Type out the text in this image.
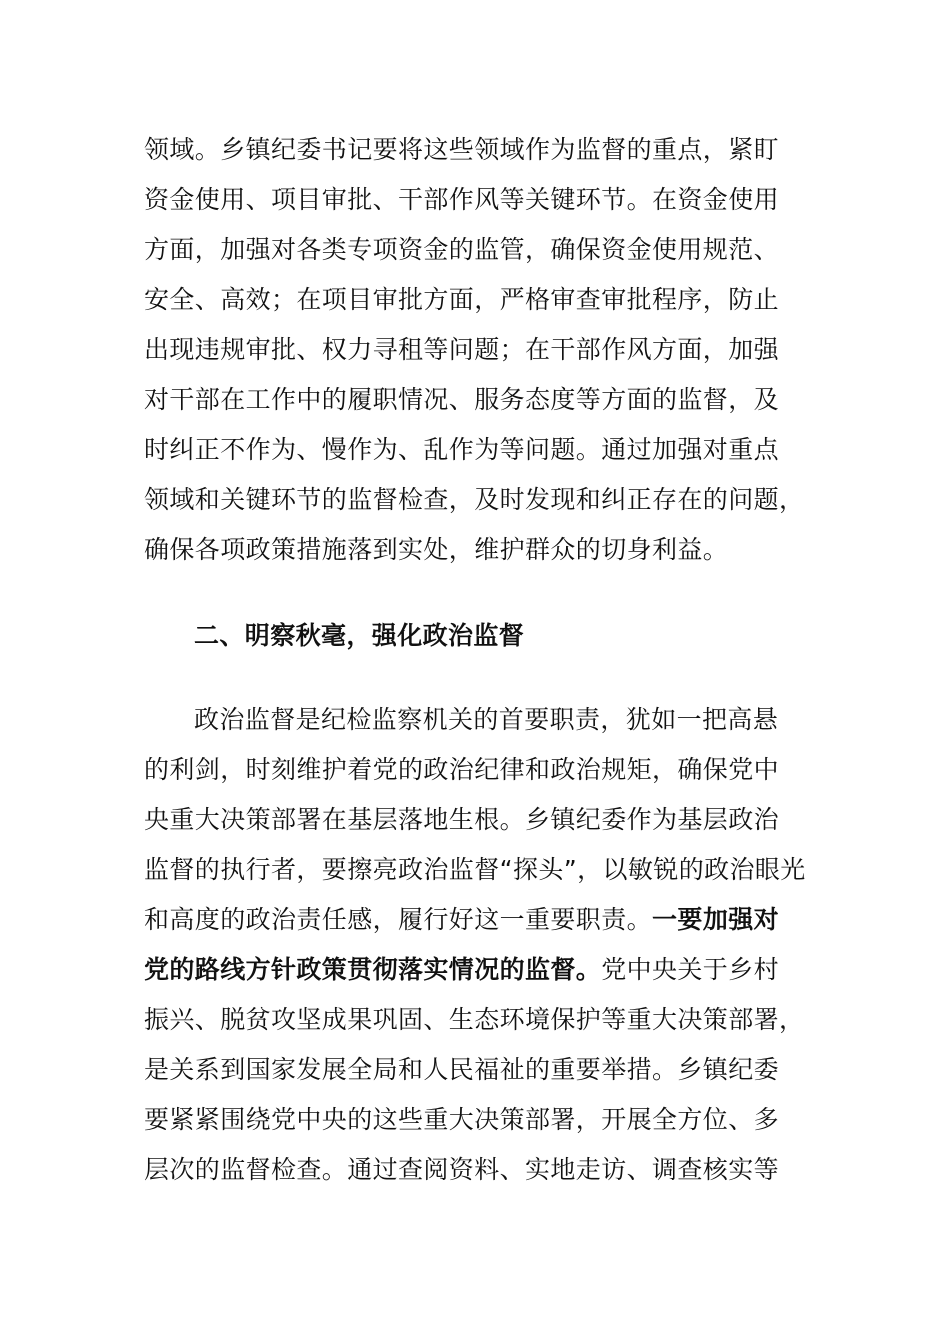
领域。乡镇纪委书记要将这些领域作为监督的重点，紧盯
资金使用、项目审批、干部作风等关键环节。在资金使用
方面，加强对各类专项资金的监管，确保资金使用规范、
安全、高效；在项目审批方面，严格审查审批程序，防止
出现违规审批、权力寻租等问题；在干部作风方面，加强
对干部在工作中的履职情况、服务态度等方面的监督，及
时纠正不作为、慢作为、乱作为等问题。通过加强对重点
领域和关键环节的监督检查，及时发现和纠正存在的问题，
确保各项政策措施落到实处，维护群众的切身利益。
二、明察秋毫，强化政治监督
政治监督是纪检监察机关的首要职责，犹如一把高悬
的利剑，时刻维护着党的政治纪律和政治规矩，确保党中
央重大决策部署在基层落地生根。乡镇纪委作为基层政治
监督的执行者，要擦亮政治监督“探头”，以敏锐的政治眼光
和高度的政治责任感，履行好这一重要职责。一要加强对
党的路线方针政策贯彻落实情况的监督。党中央关于乡村
振兴、脱贫攻坚成果巩固、生态环境保护等重大决策部署，
是关系到国家发展全局和人民福祉的重要举措。乡镇纪委
要紧紧围绕党中央的这些重大决策部署，开展全方位、多
层次的监督检查。通过查阅资料、实地走访、调查核实等
